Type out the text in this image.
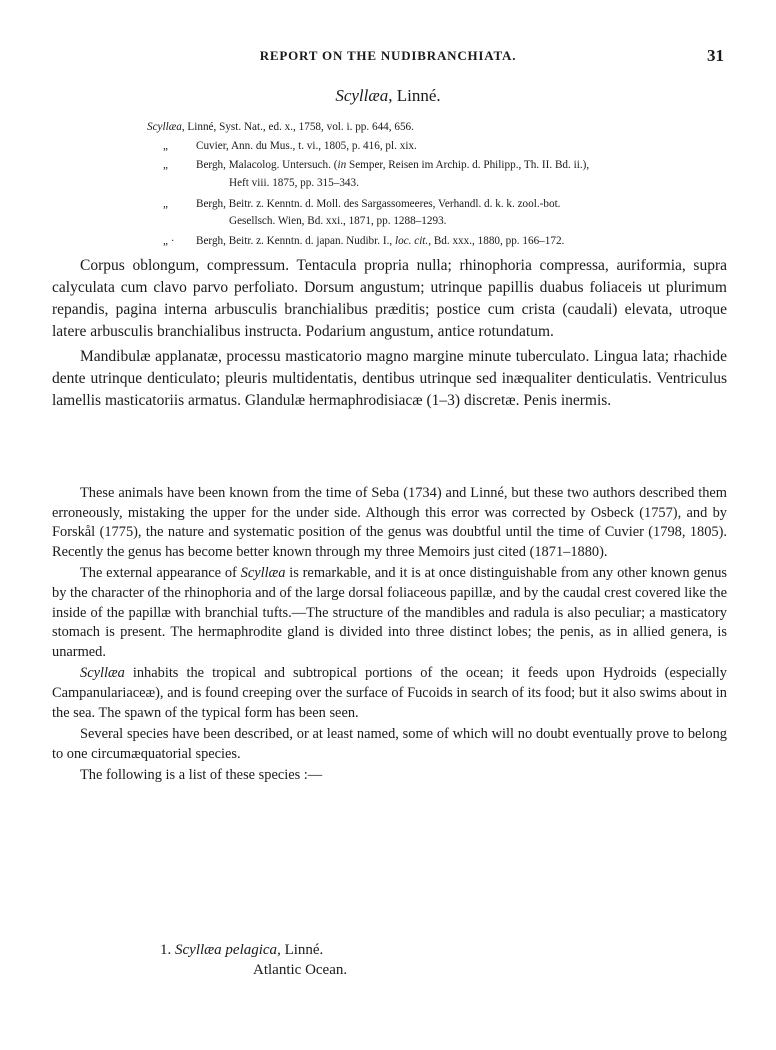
REPORT ON THE NUDIBRANCHIATA.	31
Scyllæa, Linné.
Scyllæa, Linné, Syst. Nat., ed. x., 1758, vol. i. pp. 644, 656.
„	Cuvier, Ann. du Mus., t. vi., 1805, p. 416, pl. xix.
„	Bergh, Malacolog. Untersuch. (in Semper, Reisen im Archip. d. Philipp., Th. II. Bd. ii.),
Heft viii. 1875, pp. 315–343.
„	Bergh, Beitr. z. Kenntn. d. Moll. des Sargassomeeres, Verhandl. d. k. k. zool.-bot.
Gesellsch. Wien, Bd. xxi., 1871, pp. 1288–1293.
„ · Bergh, Beitr. z. Kenntn. d. japan. Nudibr. I., loc. cit., Bd. xxx., 1880, pp. 166–172.

Corpus oblongum, compressum. Tentacula propria nulla; rhinophoria compressa, auriformia, supra calyculata cum clavo parvo perfoliato. Dorsum angustum; utrinque papillis duabus foliaceis ut plurimum repandis, pagina interna arbusculis branchialibus præditis; postice cum crista (caudali) elevata, utroque latere arbusculis branchialibus instructa. Podarium angustum, antice rotundatum.

Mandibulæ applanatæ, processu masticatorio magno margine minute tuberculato. Lingua lata; rhachide dente utrinque denticulato; pleuris multidentatis, dentibus utrinque sed inæqualiter denticulatis. Ventriculus lamellis masticatoriis armatus. Glandulæ hermaphrodisiacæ (1–3) discretæ. Penis inermis.

These animals have been known from the time of Seba (1734) and Linné, but these two authors described them erroneously, mistaking the upper for the under side. Although this error was corrected by Osbeck (1757), and by Forskål (1775), the nature and systematic position of the genus was doubtful until the time of Cuvier (1798, 1805). Recently the genus has become better known through my three Memoirs just cited (1871–1880).

The external appearance of Scyllæa is remarkable, and it is at once distinguishable from any other known genus by the character of the rhinophoria and of the large dorsal foliaceous papillæ, and by the caudal crest covered like the inside of the papillæ with branchial tufts.—The structure of the mandibles and radula is also peculiar; a masticatory stomach is present. The hermaphrodite gland is divided into three distinct lobes; the penis, as in allied genera, is unarmed.

Scyllæa inhabits the tropical and subtropical portions of the ocean; it feeds upon Hydroids (especially Campanulariaceæ), and is found creeping over the surface of Fucoids in search of its food; but it also swims about in the sea. The spawn of the typical form has been seen.

Several species have been described, or at least named, some of which will no doubt eventually prove to belong to one circumæquatorial species.

The following is a list of these species :—

1. Scyllæa pelagica, Linné.
Atlantic Ocean.
